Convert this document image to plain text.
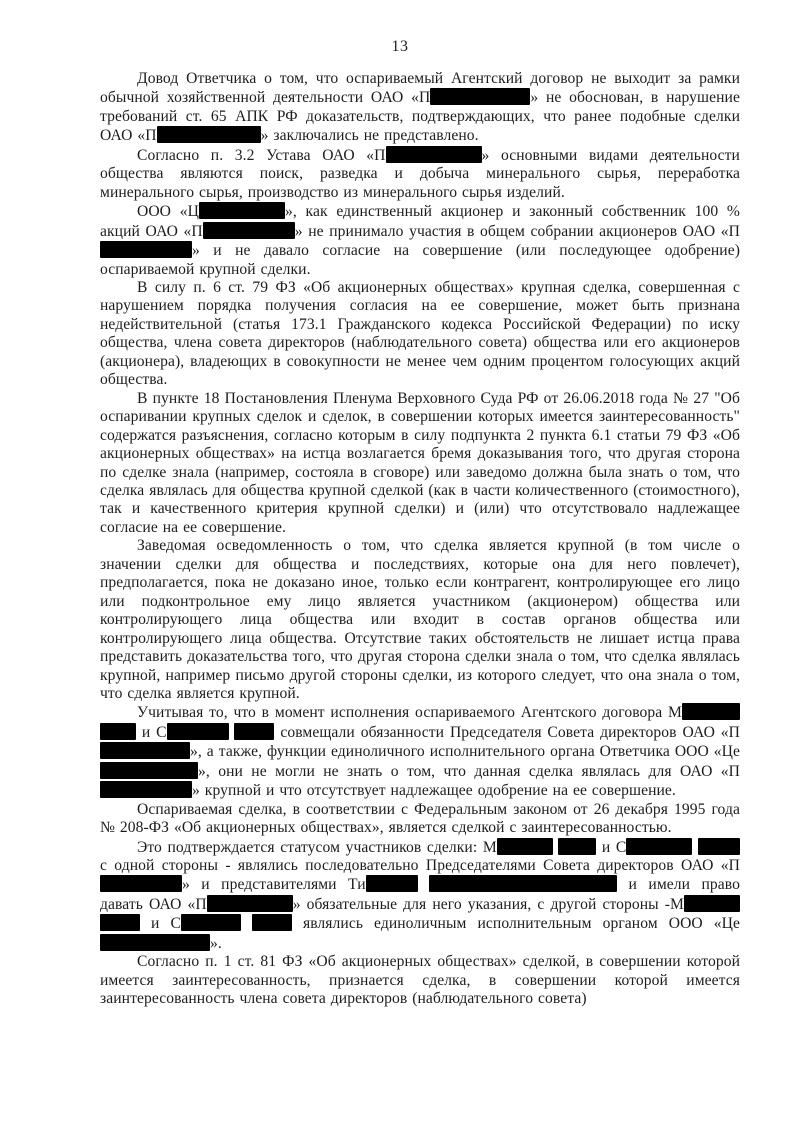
13

Довод Ответчика о том, что оспариваемый Агентский договор не выходит за рамки обычной хозяйственной деятельности ОАО «П	» не обоснован, в нарушение требований ст. 65 АПК РФ доказательств, подтверждающих, что ранее подобные сделки ОАО «П	» заключались не представлено.

Согласно п. 3.2 Устава ОАО «П	» основными видами деятельности общества являются поиск, разведка и добыча минерального сырья, переработка минерального сырья, производство из минерального сырья изделий.

ООО «Ц	», как единственный акционер и законный собственник 100 % акций ОАО «П	» не принимало участия в общем собрании акционеров ОАО «П» и не давало согласие на совершение (или последующее одобрение) оспариваемой крупной сделки.

В силу п. 6 ст. 79 ФЗ «Об акционерных обществах» крупная сделка, совершенная с нарушением порядка получения согласия на ее совершение, может быть признана недействительной (статья 173.1 Гражданского кодекса Российской Федерации) по иску общества, члена совета директоров (наблюдательного совета) общества или его акционеров (акционера), владеющих в совокупности не менее чем одним процентом голосующих акций общества.

В пункте 18 Постановления Пленума Верховного Суда РФ от 26.06.2018 года № 27 "Об оспаривании крупных сделок и сделок, в совершении которых имеется заинтересованность" содержатся разъяснения, согласно которым в силу подпункта 2 пункта 6.1 статьи 79 ФЗ «Об акционерных обществах» на истца возлагается бремя доказывания того, что другая сторона по сделке знала (например, состояла в сговоре) или заведомо должна была знать о том, что сделка являлась для общества крупной сделкой (как в части количественного (стоимостного), так и качественного критерия крупной сделки) и (или) что отсутствовало надлежащее согласие на ее совершение.

Заведомая осведомленность о том, что сделка является крупной (в том числе о значении сделки для общества и последствиях, которые она для него повлечет), предполагается, пока не доказано иное, только если контрагент, контролирующее его лицо или подконтрольное ему лицо является участником (акционером) общества или контролирующего лица общества или входит в состав органов общества или контролирующего лица общества. Отсутствие таких обстоятельств не лишает истца права представить доказательства того, что другая сторона сделки знала о том, что сделка являлась крупной, например письмо другой стороны сделки, из которого следует, что она знала о том, что сделка является крупной.

Учитывая то, что в момент исполнения оспариваемого Агентского договора М  и С	совмещали обязанности Председателя Совета директоров ОАО «П», а также, функции единоличного исполнительного органа Ответчика ООО «Це», они не могли не знать о том, что данная сделка являлась для ОАО «П» крупной и что отсутствует надлежащее одобрение на ее совершение.

Оспариваемая сделка, в соответствии с Федеральным законом от 26 декабря 1995 года № 208-ФЗ «Об акционерных обществах», является сделкой с заинтересованностью.

Это подтверждается статусом участников сделки: М	и С  с одной стороны - являлись последовательно Председателями Совета директоров ОАО «П» и представителями Ти	и имели право давать ОАО «П	» обязательные для него указания, с другой стороны -М  и С	являлись единоличным исполнительным органом ООО «Це».

Согласно п. 1 ст. 81 ФЗ «Об акционерных обществах» сделкой, в совершении которой имеется заинтересованность, признается сделка, в совершении которой имеется заинтересованность члена совета директоров (наблюдательного совета)
